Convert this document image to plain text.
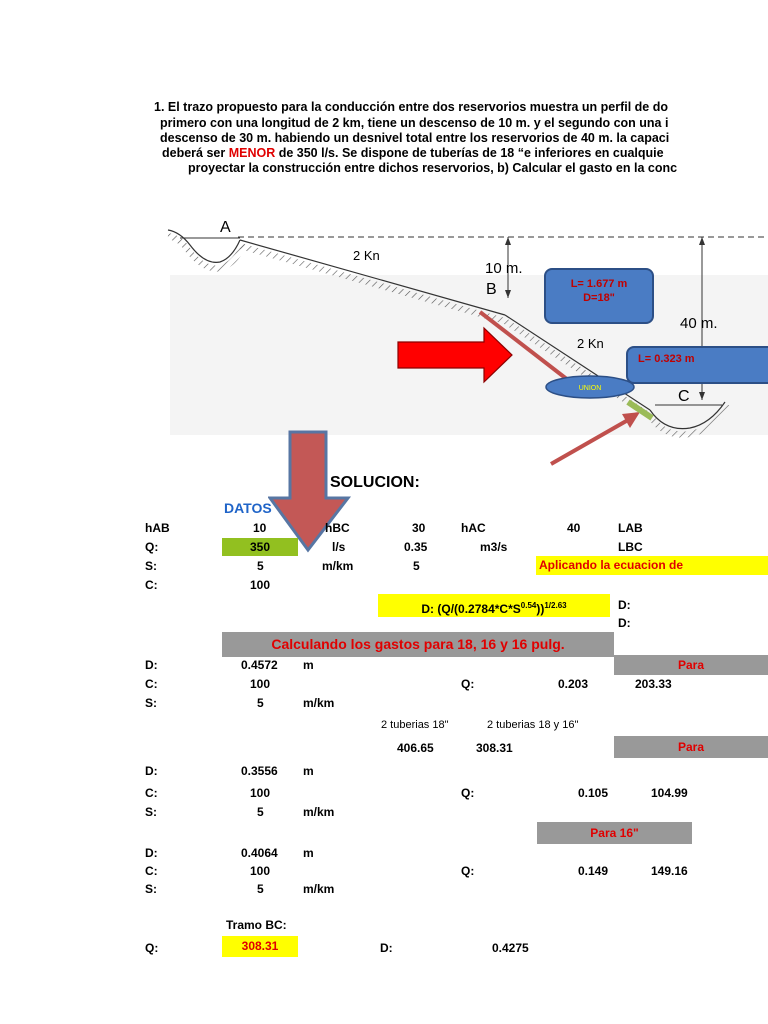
1. El trazo propuesto para la conducción entre dos reservorios muestra un perfil de do
primero con una longitud de 2 km, tiene un descenso de 10 m. y el segundo con una i
descenso de 30 m. habiendo un desnivel total entre los reservorios de 40 m. la capaci
deberá ser MENOR de 350 l/s. Se dispone de tuberías de 18 “e inferiores en cualquie
proyectar la construcción entre dichos reservorios, b) Calcular el gasto en la conc
A
B
C
2 Kn
2 Kn
10 m.
40 m.
UNION
L= 1.677 m
D=18"
L= 0.323 m
SOLUCION:
DATOS
hAB	10	hBC	30	hAC	40	LAB
Q:	350	l/s	0.35	m3/s	LBC
S:	5	m/km	5	Aplicando la ecuacion de
C:	100
D: $(Q/(0.2784*C*S^{0.54}))^{1/2.63}$	D:
D:
Calculando los gastos para 18, 16 y 16 pulg.
Para
D:	0.4572 m
C:	100	Q:	0.203	203.33
S:	5	m/km
2 tuberias 18"	2 tuberias 18 y 16"
406.65	308.31	Para
D:	0.3556 m
C:	100	Q:	0.105	104.99
S:	5	m/km
Para 16"
D:	0.4064 m
C:	100	Q:	0.149	149.16
S:	5	m/km
Tramo BC:
Q:	308.31	D:	0.4275
